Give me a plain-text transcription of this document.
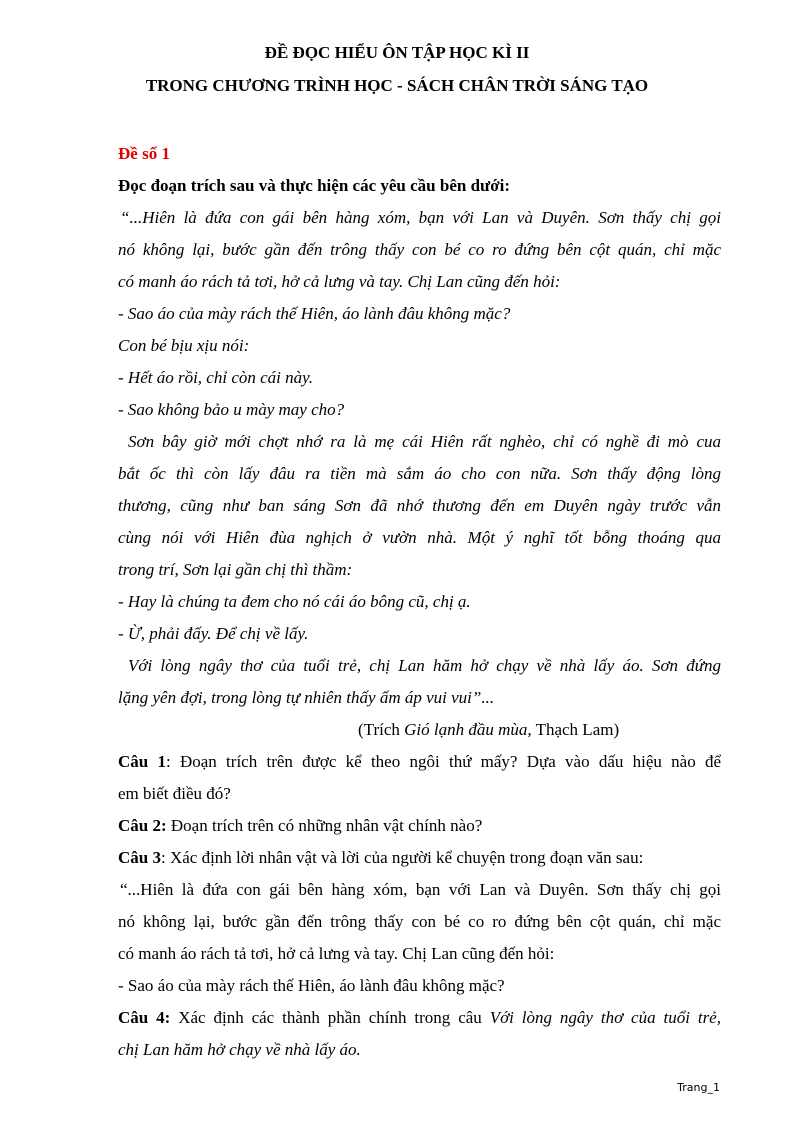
ĐỀ ĐỌC HIỂU ÔN TẬP HỌC KÌ II
TRONG CHƯƠNG TRÌNH HỌC - SÁCH CHÂN TRỜI SÁNG TẠO

Đề số 1

Đọc đoạn trích sau và thực hiện các yêu cầu bên dưới:

“...Hiên là đứa con gái bên hàng xóm, bạn với Lan và Duyên. Sơn thấy chị gọi

nó không lại, bước gần đến trông thấy con bé co ro đứng bên cột quán, chỉ mặc

có manh áo rách tả tơi, hở cả lưng và tay. Chị Lan cũng đến hỏi:

- Sao áo của mày rách thế Hiên, áo lành đâu không mặc?

Con bé bịu xịu nói:

- Hết áo rồi, chỉ còn cái này.

- Sao không bảo u mày may cho?

Sơn bây giờ mới chợt nhớ ra là mẹ cái Hiên rất nghèo, chỉ có nghề đi mò cua

bắt ốc thì còn lấy đâu ra tiền mà sắm áo cho con nữa. Sơn thấy động lòng

thương, cũng như ban sáng Sơn đã nhớ thương đến em Duyên ngày trước vẫn

cùng nói với Hiên đùa nghịch ở vườn nhà. Một ý nghĩ tốt bỗng thoáng qua

trong trí, Sơn lại gần chị thì thầm:

- Hay là chúng ta đem cho nó cái áo bông cũ, chị ạ.

- Ừ, phải đấy. Để chị về lấy.

Với lòng ngây thơ của tuổi trẻ, chị Lan hăm hở chạy về nhà lấy áo. Sơn đứng

lặng yên đợi, trong lòng tự nhiên thấy ấm áp vui vui”...

(Trích Gió lạnh đầu mùa, Thạch Lam)

Câu 1: Đoạn trích trên được kể theo ngôi thứ mấy? Dựa vào dấu hiệu nào để

em biết điều đó?

Câu 2: Đoạn trích trên có những nhân vật chính nào?

Câu 3: Xác định lời nhân vật và lời của người kể chuyện trong đoạn văn sau:

“...Hiên là đứa con gái bên hàng xóm, bạn với Lan và Duyên. Sơn thấy chị gọi

nó không lại, bước gần đến trông thấy con bé co ro đứng bên cột quán, chỉ mặc

có manh áo rách tả tơi, hở cả lưng và tay. Chị Lan cũng đến hỏi:

- Sao áo của mày rách thế Hiên, áo lành đâu không mặc?

Câu 4: Xác định các thành phần chính trong câu Với lòng ngây thơ của tuổi trẻ,

chị Lan hăm hở chạy về nhà lấy áo.

Trang_1
